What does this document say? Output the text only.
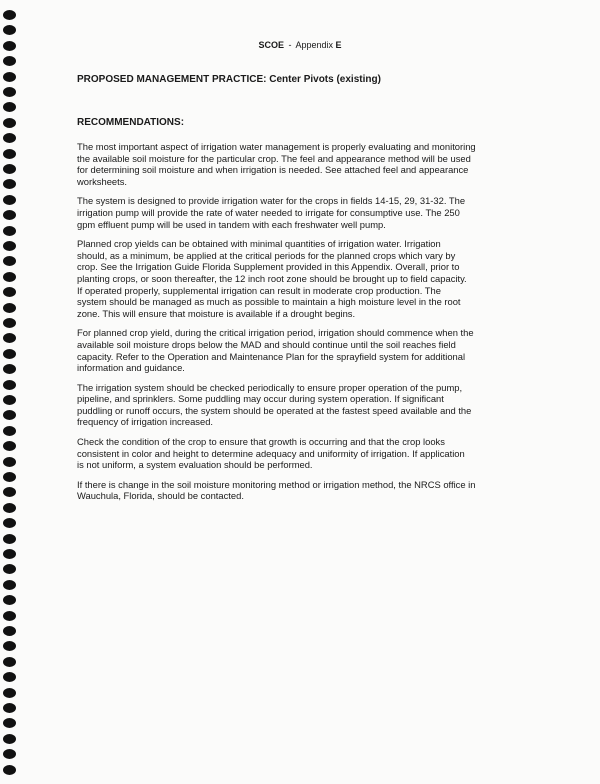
SCOE - Appendix E
PROPOSED MANAGEMENT PRACTICE: Center Pivots (existing)
RECOMMENDATIONS:

The most important aspect of irrigation water management is properly evaluating and monitoring
the available soil moisture for the particular crop. The feel and appearance method will be used
for determining soil moisture and when irrigation is needed. See attached feel and appearance
worksheets.

The system is designed to provide irrigation water for the crops in fields 14-15, 29, 31-32. The
irrigation pump will provide the rate of water needed to irrigate for consumptive use. The 250
gpm effluent pump will be used in tandem with each freshwater well pump.

Planned crop yields can be obtained with minimal quantities of irrigation water. Irrigation
should, as a minimum, be applied at the critical periods for the planned crops which vary by
crop. See the Irrigation Guide Florida Supplement provided in this Appendix. Overall, prior to
planting crops, or soon thereafter, the 12 inch root zone should be brought up to field capacity.
If operated properly, supplemental irrigation can result in moderate crop production. The
system should be managed as much as possible to maintain a high moisture level in the root
zone. This will ensure that moisture is available if a drought begins.

For planned crop yield, during the critical irrigation period, irrigation should commence when the
available soil moisture drops below the MAD and should continue until the soil reaches field
capacity. Refer to the Operation and Maintenance Plan for the sprayfield system for additional
information and guidance.

The irrigation system should be checked periodically to ensure proper operation of the pump,
pipeline, and sprinklers. Some puddling may occur during system operation. If significant
puddling or runoff occurs, the system should be operated at the fastest speed available and the
frequency of irrigation increased.

Check the condition of the crop to ensure that growth is occurring and that the crop looks
consistent in color and height to determine adequacy and uniformity of irrigation. If application
is not uniform, a system evaluation should be performed.

If there is change in the soil moisture monitoring method or irrigation method, the NRCS office in
Wauchula, Florida, should be contacted.
